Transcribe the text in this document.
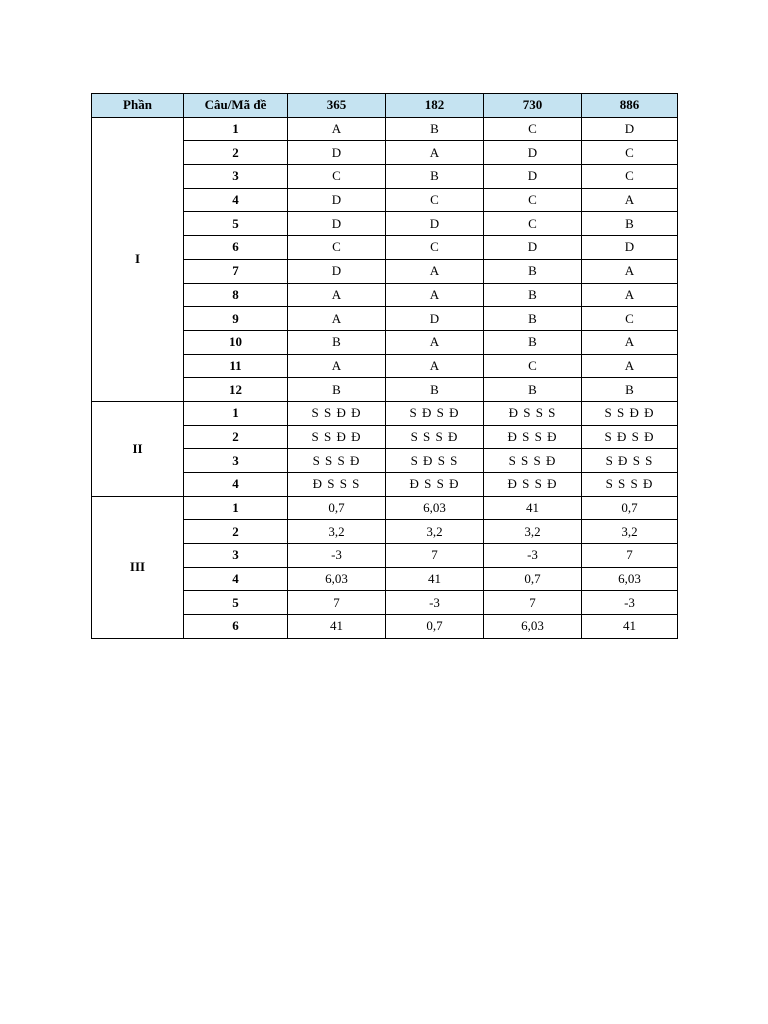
Phần	Câu/Mã đề	365	182	730	886
I	1	A	B	C	D
	2	D	A	D	C
	3	C	B	D	C
	4	D	C	C	A
	5	D	D	C	B
	6	C	C	D	D
	7	D	A	B	A
	8	A	A	B	A
	9	A	D	B	C
	10	B	A	B	A
	11	A	A	C	A
	12	B	B	B	B
II	1	S S Đ Đ	S Đ S Đ	Đ S S S	S S Đ Đ
	2	S S Đ Đ	S S S Đ	Đ S S Đ	S Đ S Đ
	3	S S S Đ	S Đ S S	S S S Đ	S Đ S S
	4	Đ S S S	Đ S S Đ	Đ S S Đ	S S S Đ
III	1	0,7	6,03	41	0,7
	2	3,2	3,2	3,2	3,2
	3	-3	7	-3	7
	4	6,03	41	0,7	6,03
	5	7	-3	7	-3
	6	41	0,7	6,03	41
